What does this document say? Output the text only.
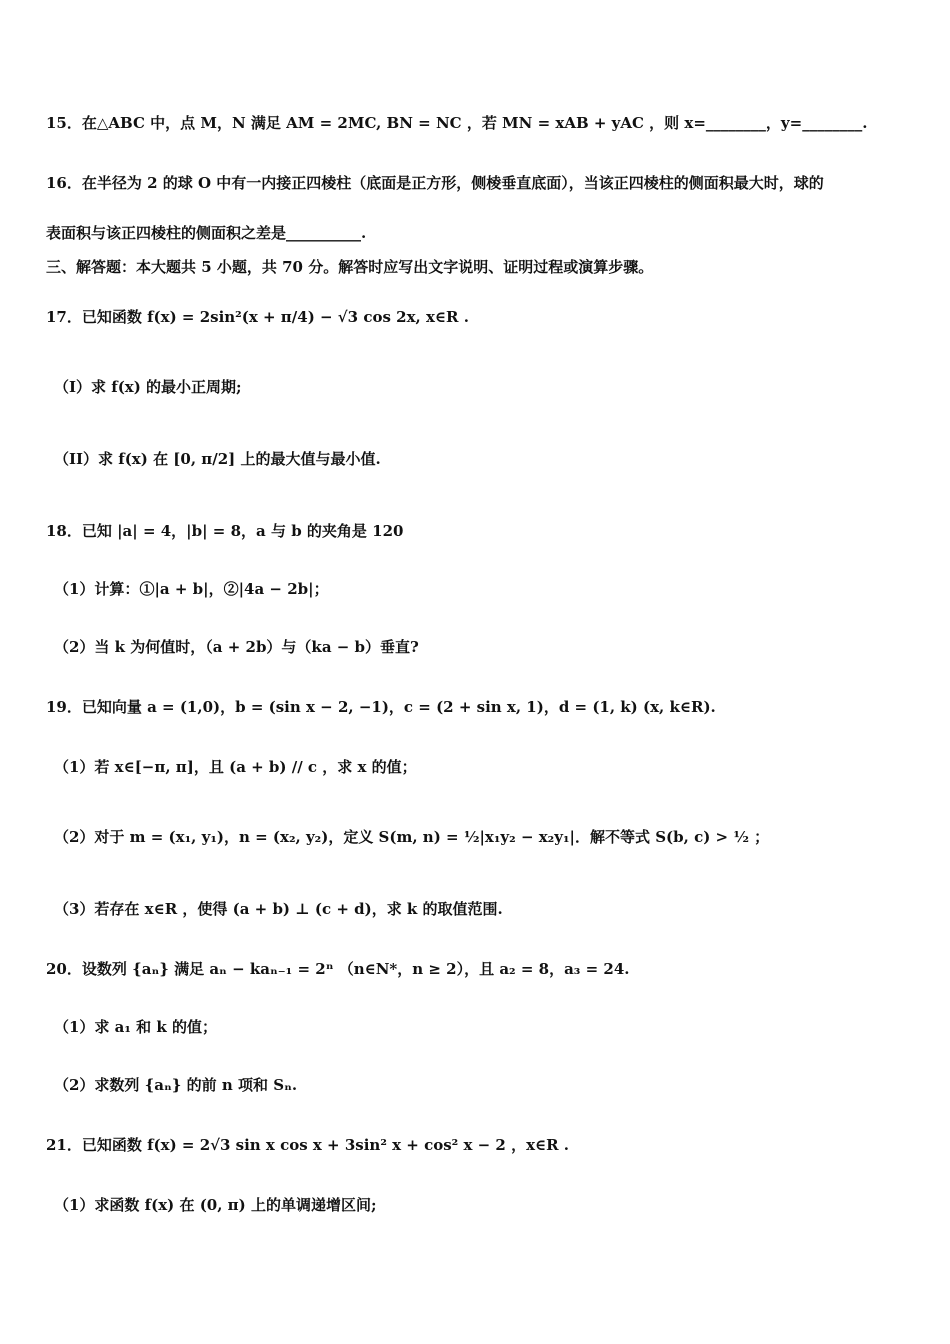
15．在△ABC 中，点 M，N 满足 AM = 2MC, BN = NC ，若 MN = xAB + yAC ，则 x=________，y=________.
16．在半径为 2 的球 O 中有一内接正四棱柱（底面是正方形，侧棱垂直底面），当该正四棱柱的侧面积最大时，球的
表面积与该正四棱柱的侧面积之差是__________.
三、解答题：本大题共 5 小题，共 70 分。解答时应写出文字说明、证明过程或演算步骤。
17．已知函数 f(x) = 2sin²(x + π/4) − √3 cos 2x, x∈R .
（I）求 f(x) 的最小正周期;
（II）求 f(x) 在 [0, π/2] 上的最大值与最小值.
18．已知 |a| = 4，|b| = 8，a 与 b 的夹角是 120
（1）计算：①|a + b|，②|4a − 2b|；
（2）当 k 为何值时，（a + 2b）与（ka − b）垂直?
19．已知向量 a = (1,0)，b = (sin x − 2, −1)，c = (2 + sin x, 1)，d = (1, k) (x, k∈R).
（1）若 x∈[−π, π]，且 (a + b) // c ，求 x 的值；
（2）对于 m = (x₁, y₁)，n = (x₂, y₂)，定义 S(m, n) = ½|x₁y₂ − x₂y₁|．解不等式 S(b, c) > ½ ；
（3）若存在 x∈R ，使得 (a + b) ⊥ (c + d)，求 k 的取值范围.
20．设数列 {aₙ} 满足 aₙ − kaₙ₋₁ = 2ⁿ （n∈N*，n ≥ 2），且 a₂ = 8，a₃ = 24.
（1）求 a₁ 和 k 的值；
（2）求数列 {aₙ} 的前 n 项和 Sₙ.
21．已知函数 f(x) = 2√3 sin x cos x + 3sin² x + cos² x − 2 ，x∈R .
（1）求函数 f(x) 在 (0, π) 上的单调递增区间;
